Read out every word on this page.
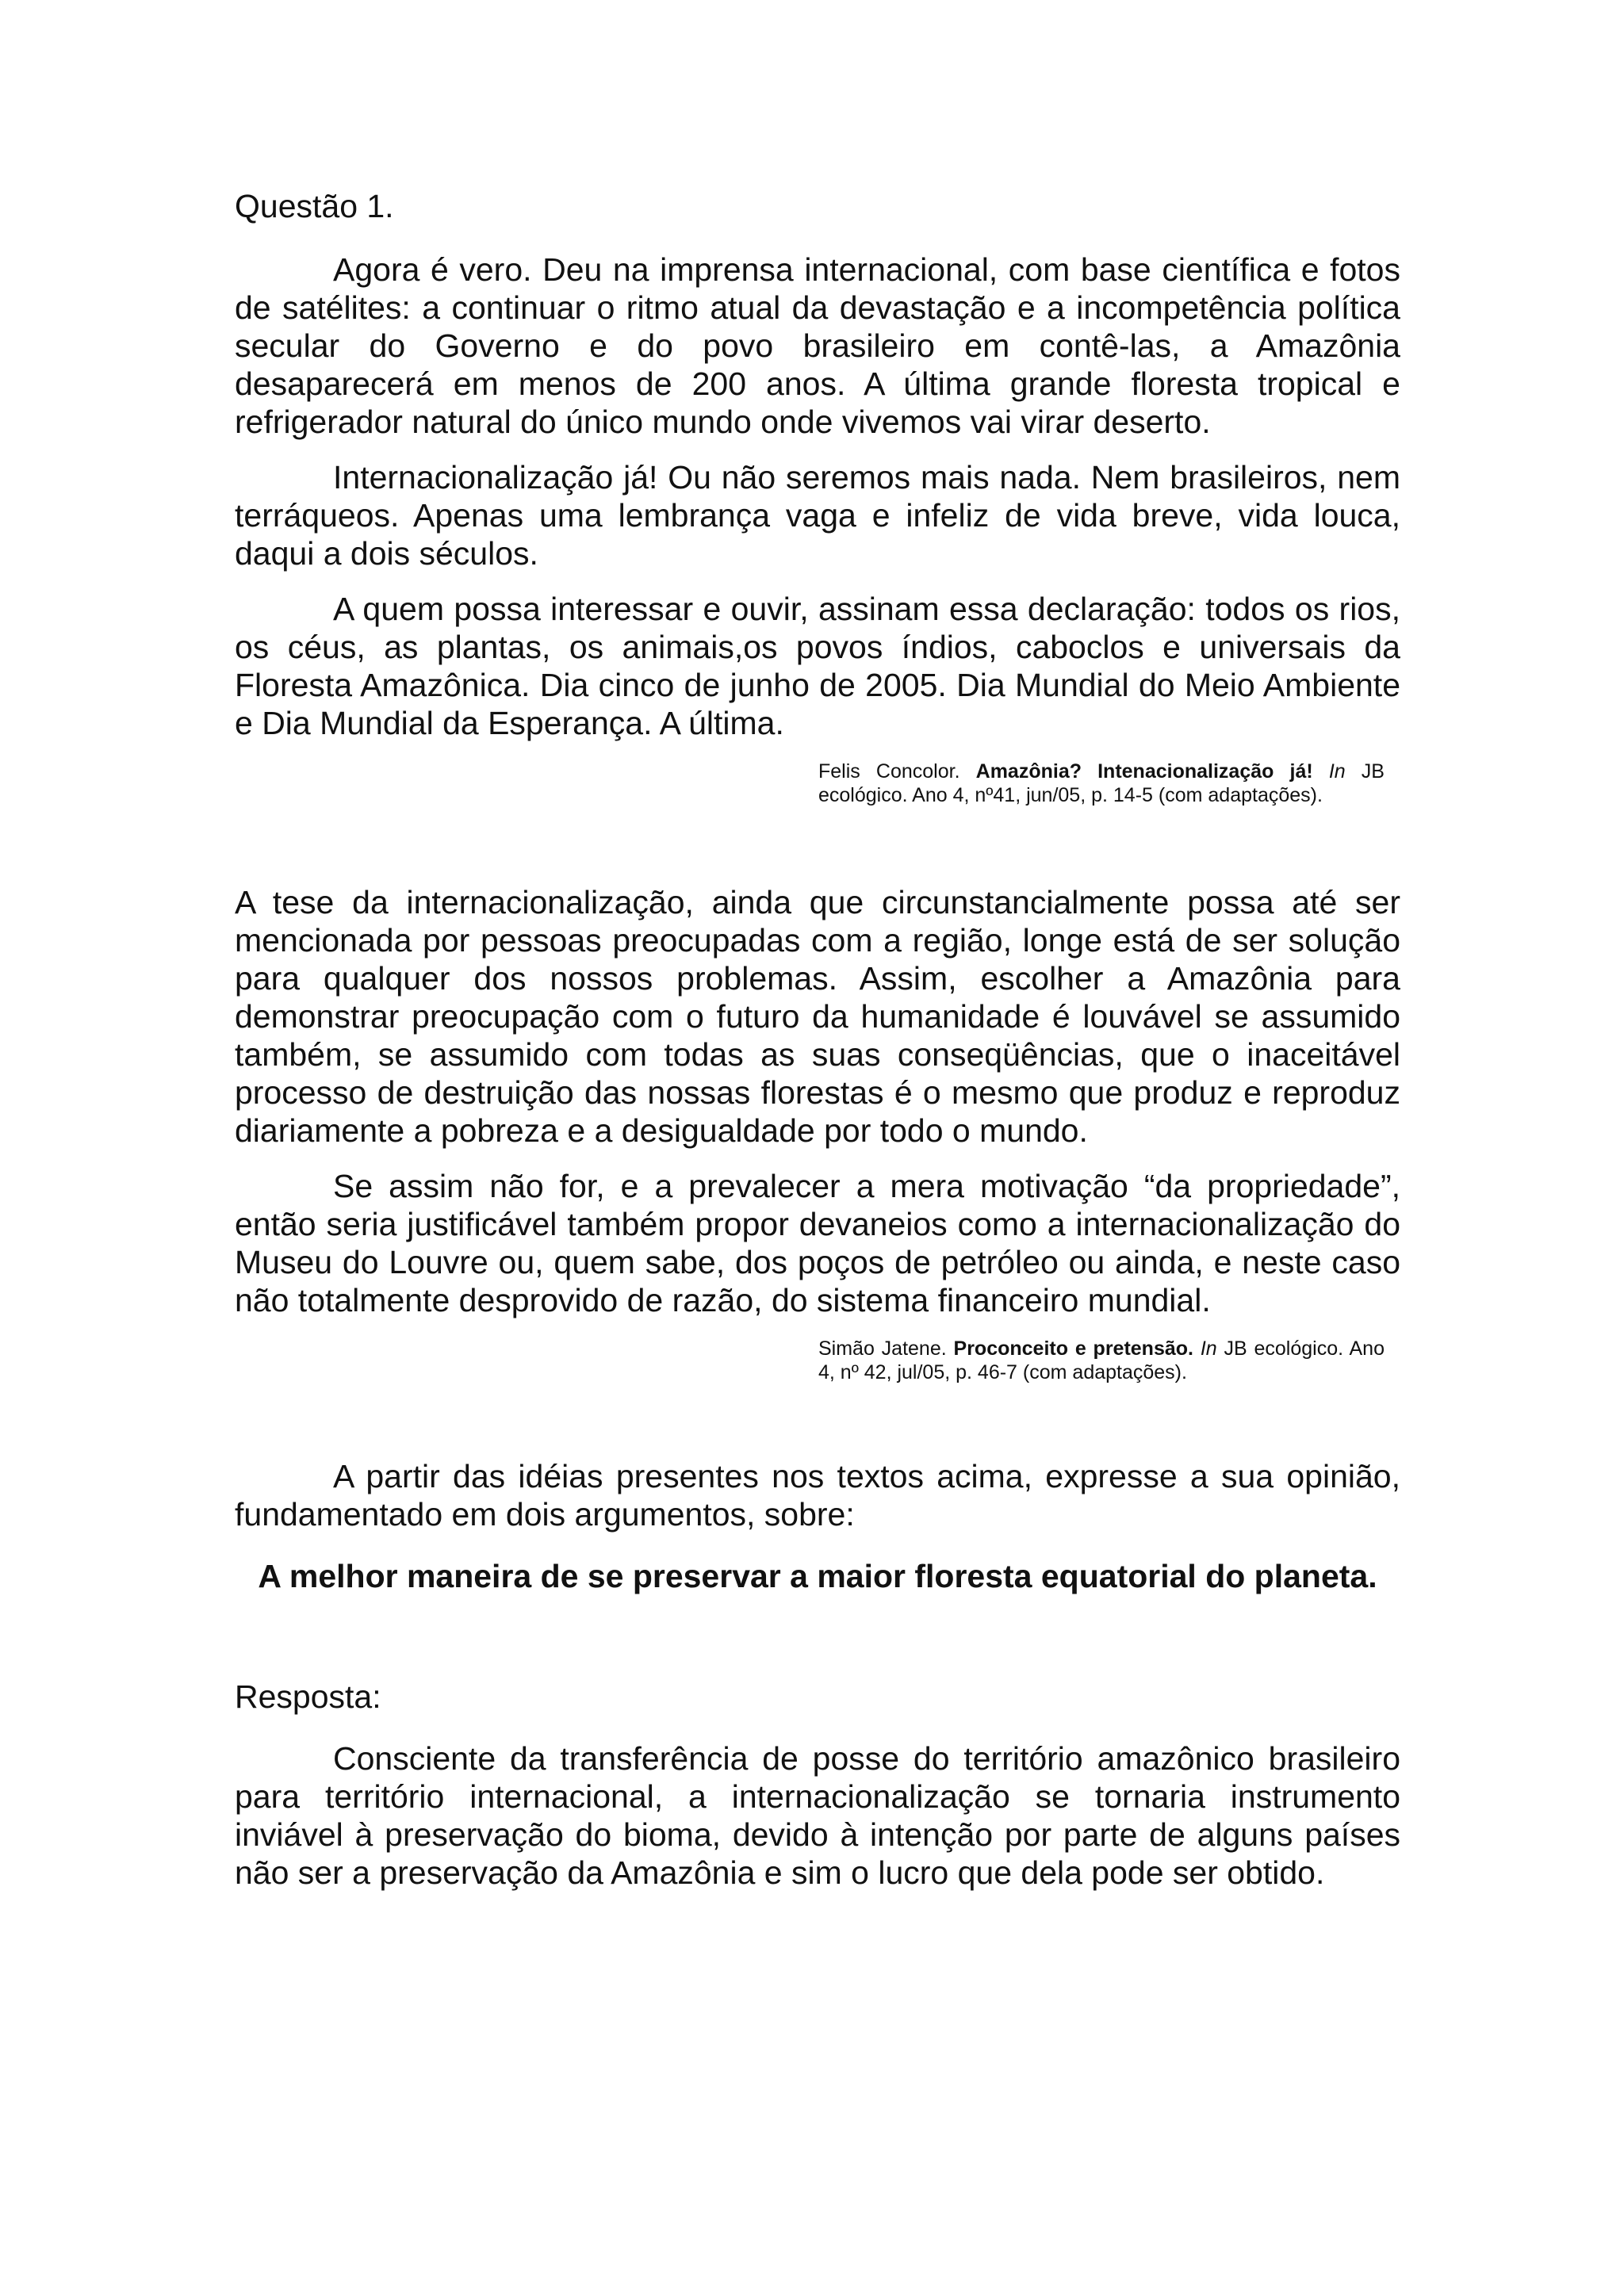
Questão 1.

Agora é vero. Deu na imprensa internacional, com base científica e fotos de satélites: a continuar o ritmo atual da devastação e a incompetência política secular do Governo e do povo brasileiro em contê-las, a Amazônia desaparecerá em menos de 200 anos. A última grande floresta tropical e refrigerador natural do único mundo onde vivemos vai virar deserto.

Internacionalização já! Ou não seremos mais nada. Nem brasileiros, nem terráqueos. Apenas uma lembrança vaga e infeliz de vida breve, vida louca, daqui a dois séculos.

A quem possa interessar e ouvir, assinam essa declaração: todos os rios, os céus, as plantas, os animais,os povos índios, caboclos e universais da Floresta Amazônica. Dia cinco de junho de 2005. Dia Mundial do Meio Ambiente e Dia Mundial da Esperança. A última.

Felis Concolor. Amazônia? Intenacionalização já! In JB ecológico. Ano 4, nº41, jun/05, p. 14-5 (com adaptações).

A tese da internacionalização, ainda que circunstancialmente possa até ser mencionada por pessoas preocupadas com a região, longe está de ser solução para qualquer dos nossos problemas. Assim, escolher a Amazônia para demonstrar preocupação com o futuro da humanidade é louvável se assumido também, se assumido com todas as suas conseqüências, que o inaceitável processo de destruição das nossas florestas é o mesmo que produz e reproduz diariamente a pobreza e a desigualdade por todo o mundo.

Se assim não for, e a prevalecer a mera motivação “da propriedade”, então seria justificável também propor devaneios como a internacionalização do Museu do Louvre ou, quem sabe, dos poços de petróleo ou ainda, e neste caso não totalmente desprovido de razão, do sistema financeiro mundial.

Simão Jatene. Proconceito e pretensão. In JB ecológico. Ano 4, nº 42, jul/05, p. 46-7 (com adaptações).

A partir das idéias presentes nos textos acima, expresse a sua opinião, fundamentado em dois argumentos, sobre:

A melhor maneira de se preservar a maior floresta equatorial do planeta.

Resposta:

Consciente da transferência de posse do território amazônico brasileiro para território internacional, a internacionalização se tornaria instrumento inviável à preservação do bioma, devido à intenção por parte de alguns países não ser a preservação da Amazônia e sim o lucro que dela pode ser obtido.
